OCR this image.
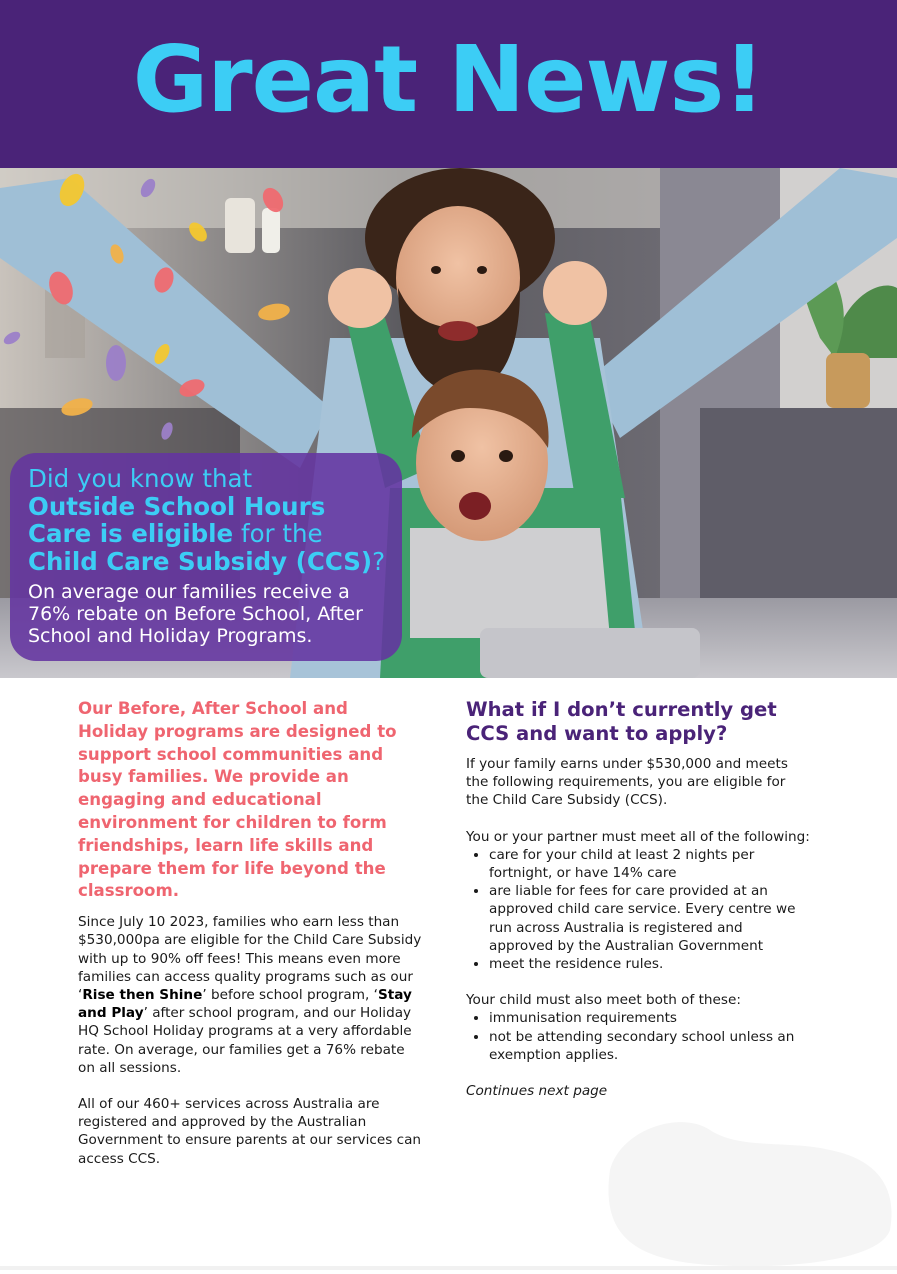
Great News!

Did you know that
Outside School Hours Care is eligible for the Child Care Subsidy (CCS)?

On average our families receive a 76% rebate on Before School, After School and Holiday Programs.

Our Before, After School and Holiday programs are designed to support school communities and busy families. We provide an engaging and educational environment for children to form friendships, learn life skills and prepare them for life beyond the classroom.

Since July 10 2023, families who earn less than $530,000pa are eligible for the Child Care Subsidy with up to 90% off fees! This means even more families can access quality programs such as our ‘Rise then Shine’ before school program, ‘Stay and Play’ after school program, and our Holiday HQ School Holiday programs at a very affordable rate. On average, our families get a 76% rebate on all sessions.

All of our 460+ services across Australia are registered and approved by the Australian Government to ensure parents at our services can access CCS.

What if I don’t currently get CCS and want to apply?

If your family earns under $530,000 and meets the following requirements, you are eligible for the Child Care Subsidy (CCS).

You or your partner must meet all of the following:

• care for your child at least 2 nights per fortnight, or have 14% care
• are liable for fees for care provided at an approved child care service. Every centre we run across Australia is registered and approved by the Australian Government
• meet the residence rules.

Your child must also meet both of these:

• immunisation requirements
• not be attending secondary school unless an exemption applies.

Continues next page
